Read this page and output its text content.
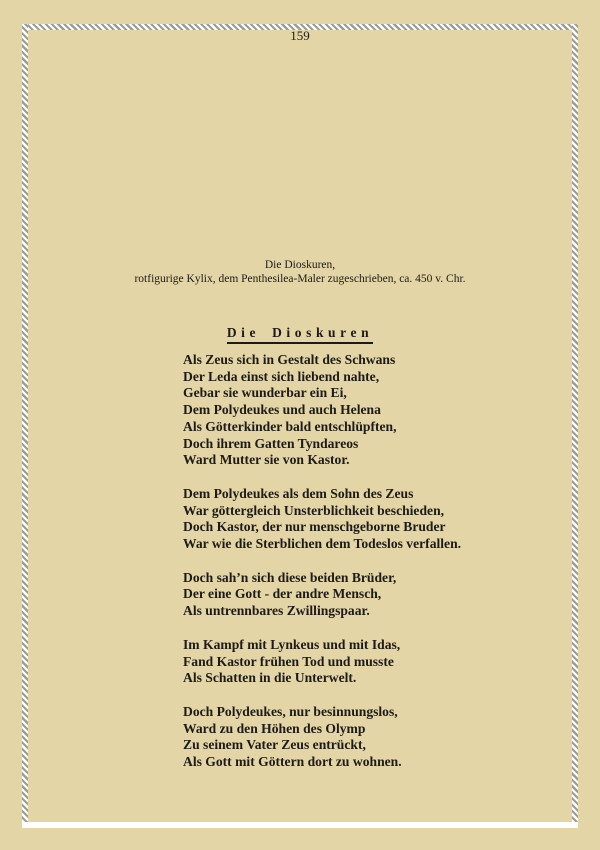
159
Die Dioskuren,
rotfigurige Kylix, dem Penthesilea-Maler zugeschrieben, ca. 450 v. Chr.
Die Dioskuren
Als Zeus sich in Gestalt des Schwans
Der Leda einst sich liebend nahte,
Gebar sie wunderbar ein Ei,
Dem Polydeukes und auch Helena
Als Götterkinder bald entschlüpften,
Doch ihrem Gatten Tyndareos
Ward Mutter sie von Kastor.
Dem Polydeukes als dem Sohn des Zeus
War göttergleich Unsterblichkeit beschieden,
Doch Kastor, der nur menschgeborne Bruder
War wie die Sterblichen dem Todeslos verfallen.
Doch sah’n sich diese beiden Brüder,
Der eine Gott - der andre Mensch,
Als untrennbares Zwillingspaar.
Im Kampf mit Lynkeus und mit Idas,
Fand Kastor frühen Tod und musste
Als Schatten in die Unterwelt.
Doch Polydeukes, nur besinnungslos,
Ward zu den Höhen des Olymp
Zu seinem Vater Zeus entrückt,
Als Gott mit Göttern dort zu wohnen.
